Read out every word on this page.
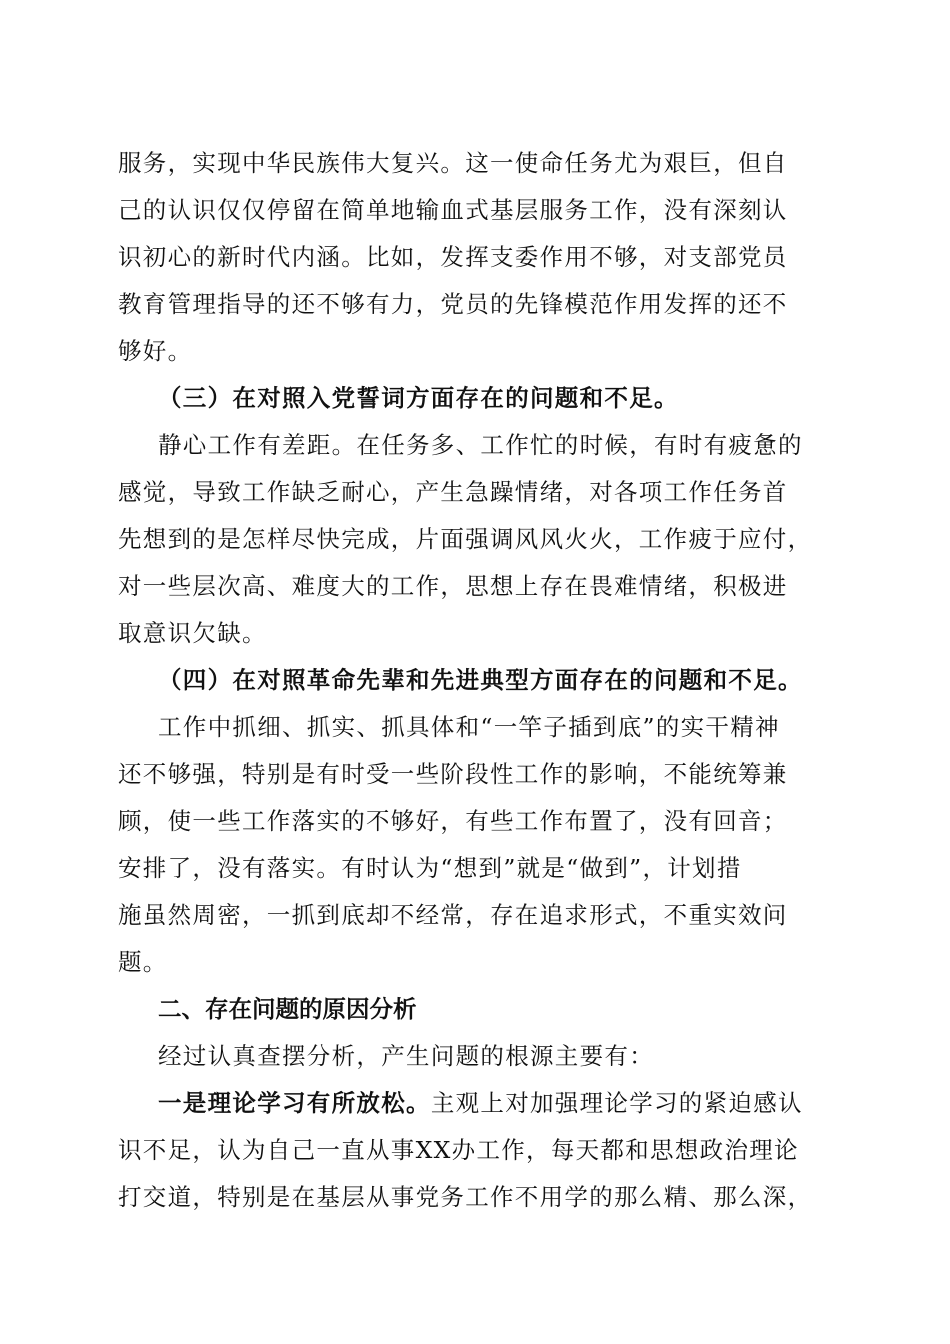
服务，实现中华民族伟大复兴。这一使命任务尤为艰巨，但自
己的认识仅仅停留在简单地输血式基层服务工作，没有深刻认
识初心的新时代内涵。比如，发挥支委作用不够，对支部党员
教育管理指导的还不够有力，党员的先锋模范作用发挥的还不
够好。
（三）在对照入党誓词方面存在的问题和不足。
静心工作有差距。在任务多、工作忙的时候，有时有疲惫的
感觉，导致工作缺乏耐心，产生急躁情绪，对各项工作任务首
先想到的是怎样尽快完成，片面强调风风火火，工作疲于应付，
对一些层次高、难度大的工作，思想上存在畏难情绪，积极进
取意识欠缺。
（四）在对照革命先辈和先进典型方面存在的问题和不足。
工作中抓细、抓实、抓具体和“一竿子插到底”的实干精神
还不够强，特别是有时受一些阶段性工作的影响，不能统筹兼
顾，使一些工作落实的不够好，有些工作布置了，没有回音；
安排了，没有落实。有时认为“想到”就是“做到”，计划措
施虽然周密，一抓到底却不经常，存在追求形式，不重实效问
题。
二、存在问题的原因分析
经过认真查摆分析，产生问题的根源主要有：
一是理论学习有所放松。主观上对加强理论学习的紧迫感认
识不足，认为自己一直从事XX办工作，每天都和思想政治理论
打交道，特别是在基层从事党务工作不用学的那么精、那么深，
